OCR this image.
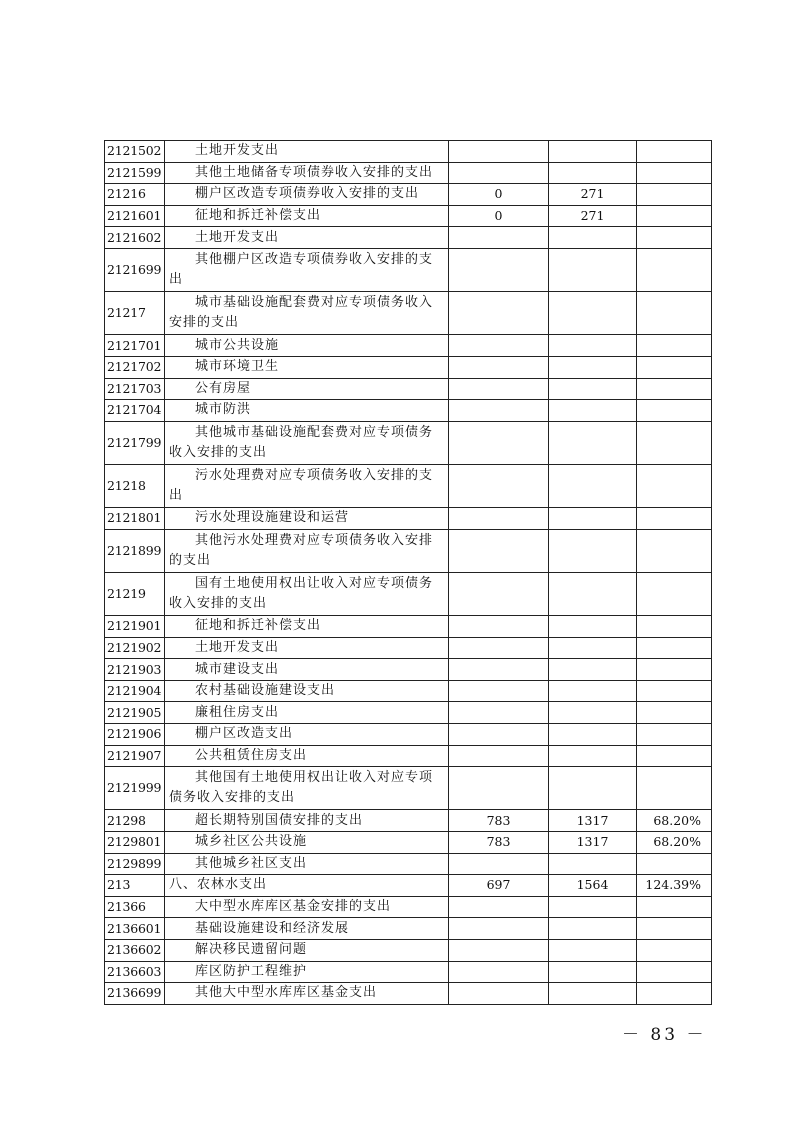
2121502	土地开发支出			

2121599	其他土地储备专项债券收入安排的支出			

21216	棚户区改造专项债券收入安排的支出	0	271	
2121601	征地和拆迁补偿支出	0	271	
2121602	土地开发支出			

2121699	其他棚户区改造专项债券收入安排的支出			

21217	城市基础设施配套费对应专项债务收入安排的支出			

2121701	城市公共设施			

2121702	城市环境卫生			

2121703	公有房屋			

2121704	城市防洪			

2121799	其他城市基础设施配套费对应专项债务收入安排的支出			

21218	污水处理费对应专项债务收入安排的支出			

2121801	污水处理设施建设和运营			

2121899	其他污水处理费对应专项债务收入安排的支出			

21219	国有土地使用权出让收入对应专项债务收入安排的支出			

2121901	征地和拆迁补偿支出			

2121902	土地开发支出			

2121903	城市建设支出			

2121904	农村基础设施建设支出			

2121905	廉租住房支出			

2121906	棚户区改造支出			

2121907	公共租赁住房支出			

2121999	其他国有土地使用权出让收入对应专项债务收入安排的支出			

21298	超长期特别国债安排的支出	783	1317	68.20%
2129801	城乡社区公共设施	783	1317	68.20%
2129899	其他城乡社区支出			

213	八、农林水支出	697	1564	124.39%
21366	大中型水库库区基金安排的支出			

2136601	基础设施建设和经济发展			

2136602	解决移民遗留问题			

2136603	库区防护工程维护			

2136699	其他大中型水库库区基金支出			

－ 83 －
